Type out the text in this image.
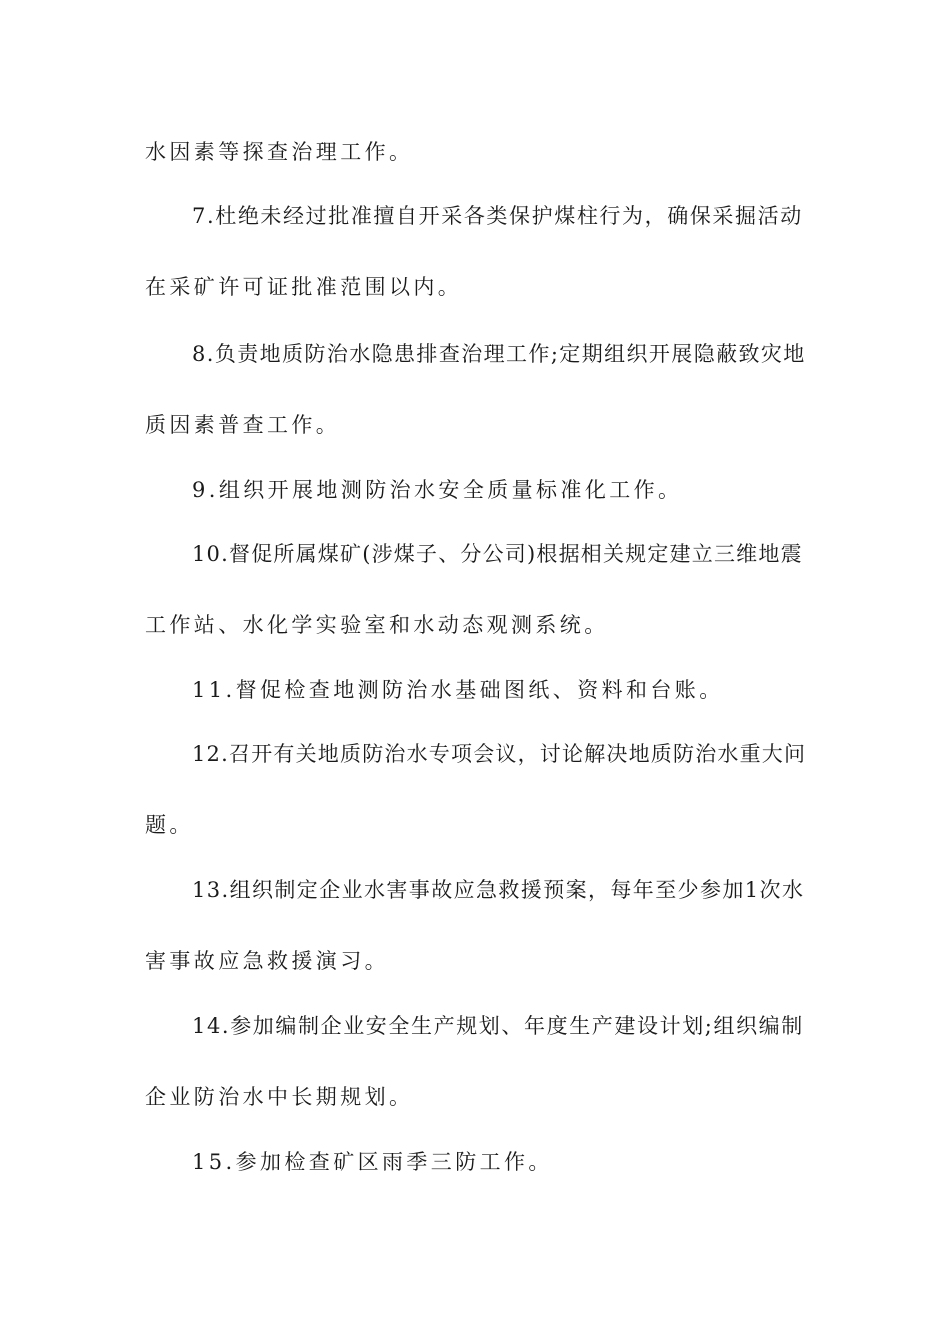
水因素等探查治理工作。

7.杜绝未经过批准擅自开采各类保护煤柱行为，确保采掘活动

在采矿许可证批准范围以内。

8.负责地质防治水隐患排查治理工作;定期组织开展隐蔽致灾地

质因素普查工作。

9.组织开展地测防治水安全质量标准化工作。

10.督促所属煤矿(涉煤子、分公司)根据相关规定建立三维地震

工作站、水化学实验室和水动态观测系统。

11.督促检查地测防治水基础图纸、资料和台账。

12.召开有关地质防治水专项会议，讨论解决地质防治水重大问

题。

13.组织制定企业水害事故应急救援预案，每年至少参加1次水

害事故应急救援演习。

14.参加编制企业安全生产规划、年度生产建设计划;组织编制

企业防治水中长期规划。

15.参加检查矿区雨季三防工作。
